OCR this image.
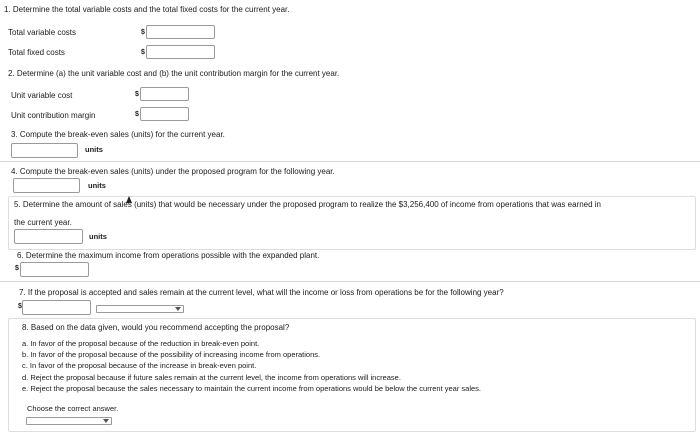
1. Determine the total variable costs and the total fixed costs for the current year.
Total variable costs	$
Total fixed costs	$
2. Determine (a) the unit variable cost and (b) the unit contribution margin for the current year.
Unit variable cost	$
Unit contribution margin	$
3. Compute the break-even sales (units) for the current year.
units
4. Compute the break-even sales (units) under the proposed program for the following year.
units
5. Determine the amount of sales (units) that would be necessary under the proposed program to realize the $3,256,400 of income from operations that was earned in
the current year.
units
6. Determine the maximum income from operations possible with the expanded plant.
$
7. If the proposal is accepted and sales remain at the current level, what will the income or loss from operations be for the following year?
$
8. Based on the data given, would you recommend accepting the proposal?
a. In favor of the proposal because of the reduction in break-even point.
b. In favor of the proposal because of the possibility of increasing income from operations.
c. In favor of the proposal because of the increase in break-even point.
d. Reject the proposal because if future sales remain at the current level, the income from operations will increase.
e. Reject the proposal because the sales necessary to maintain the current income from operations would be below the current year sales.
Choose the correct answer.
